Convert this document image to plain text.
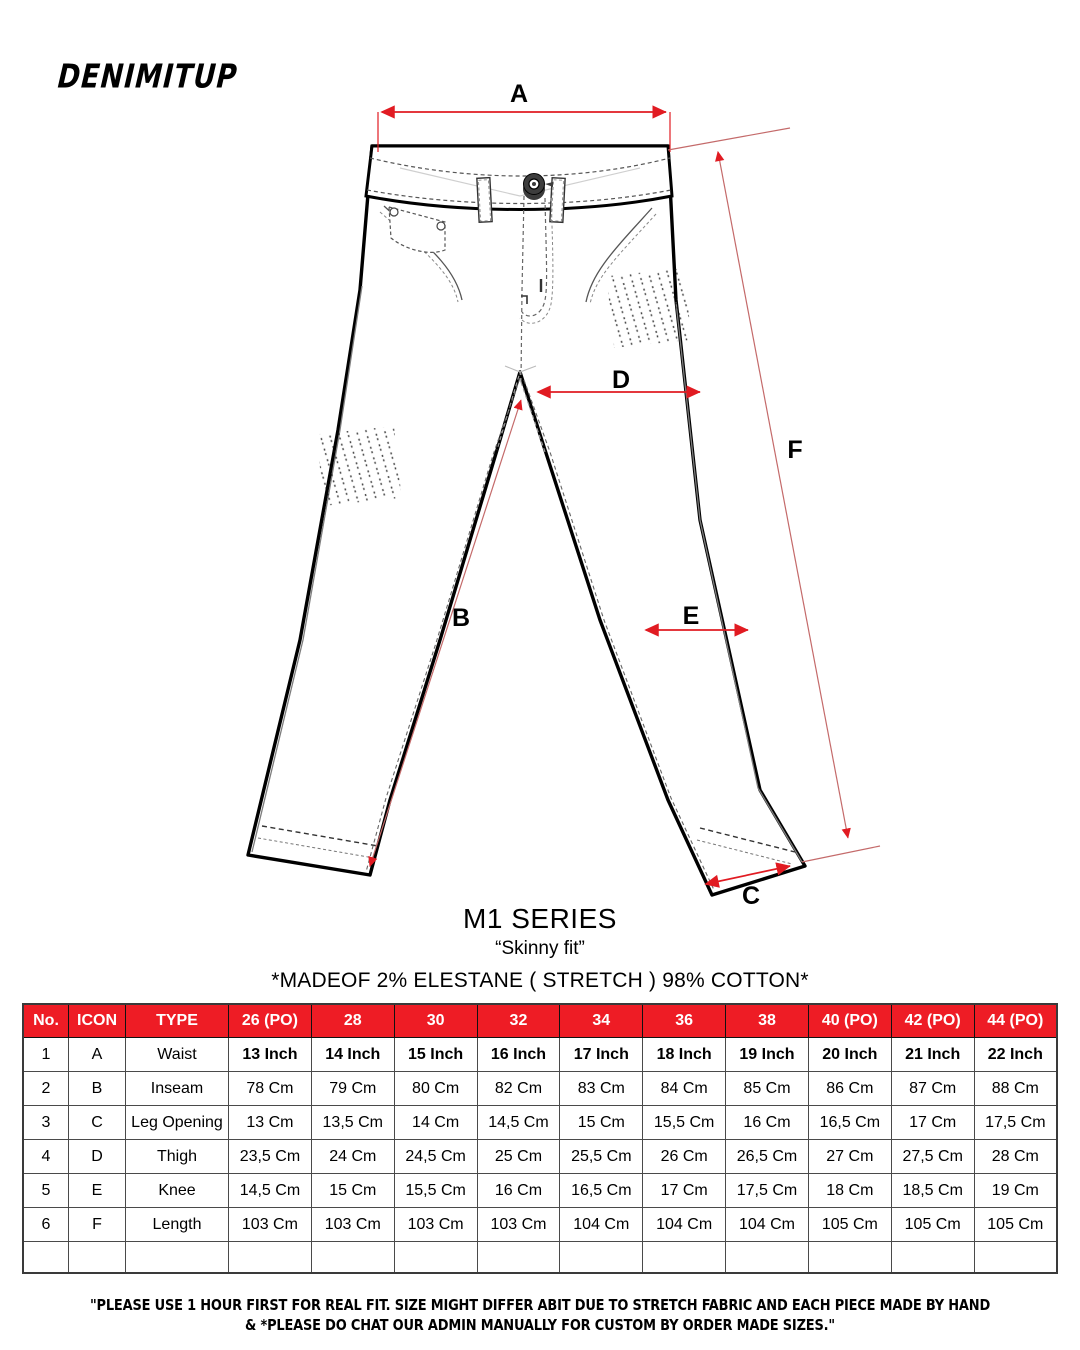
DENIMITUP	A
B
C
D
E
F
M1 SERIES
“Skinny fit”
*MADEOF 2% ELESTANE ( STRETCH ) 98% COTTON*
No.	ICON	TYPE	26 (PO)	28	30	32	34	36	38	40 (PO)	42 (PO)	44 (PO)
1	A	Waist	13 Inch	14 Inch	15 Inch	16 Inch	17 Inch	18 Inch	19 Inch	20 Inch	21 Inch	22 Inch
2	B	Inseam	78 Cm	79 Cm	80 Cm	82 Cm	83 Cm	84 Cm	85 Cm	86 Cm	87 Cm	88 Cm
3	C	Leg Opening	13 Cm	13,5 Cm	14 Cm	14,5 Cm	15 Cm	15,5 Cm	16 Cm	16,5 Cm	17 Cm	17,5 Cm
4	D	Thigh	23,5 Cm	24 Cm	24,5 Cm	25 Cm	25,5 Cm	26 Cm	26,5 Cm	27 Cm	27,5 Cm	28 Cm
5	E	Knee	14,5 Cm	15 Cm	15,5 Cm	16 Cm	16,5 Cm	17 Cm	17,5 Cm	18 Cm	18,5 Cm	19 Cm
6	F	Length	103 Cm	103 Cm	103 Cm	103 Cm	104 Cm	104 Cm	104 Cm	105 Cm	105 Cm	105 Cm

"PLEASE USE 1 HOUR FIRST FOR REAL FIT. SIZE MIGHT DIFFER ABIT DUE TO STRETCH FABRIC AND EACH PIECE MADE BY HAND
& *PLEASE DO CHAT OUR ADMIN MANUALLY FOR CUSTOM BY ORDER MADE SIZES."
